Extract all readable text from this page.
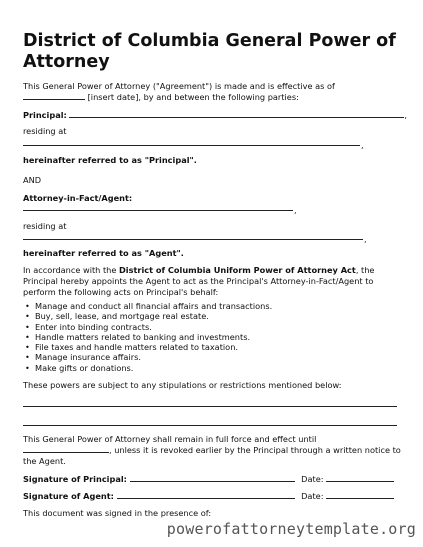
District of Columbia General Power of Attorney
This General Power of Attorney ("Agreement") is made and is effective as of
[insert date], by and between the following parties:
Principal:	,
residing at
,
hereinafter referred to as "Principal".
AND
Attorney-in-Fact/Agent:
,
residing at
,
hereinafter referred to as "Agent".
In accordance with the District of Columbia Uniform Power of Attorney Act, the Principal hereby appoints the Agent to act as the Principal's Attorney-in-Fact/Agent to perform the following acts on Principal's behalf:
• Manage and conduct all financial affairs and transactions.
• Buy, sell, lease, and mortgage real estate.
• Enter into binding contracts.
• Handle matters related to banking and investments.
• File taxes and handle matters related to taxation.
• Manage insurance affairs.
• Make gifts or donations.
These powers are subject to any stipulations or restrictions mentioned below:
This General Power of Attorney shall remain in full force and effect until
, unless it is revoked earlier by the Principal through a written notice to
the Agent.
Signature of Principal:	Date:
Signature of Agent:	Date:
This document was signed in the presence of:
powerofattorneytemplate.org
